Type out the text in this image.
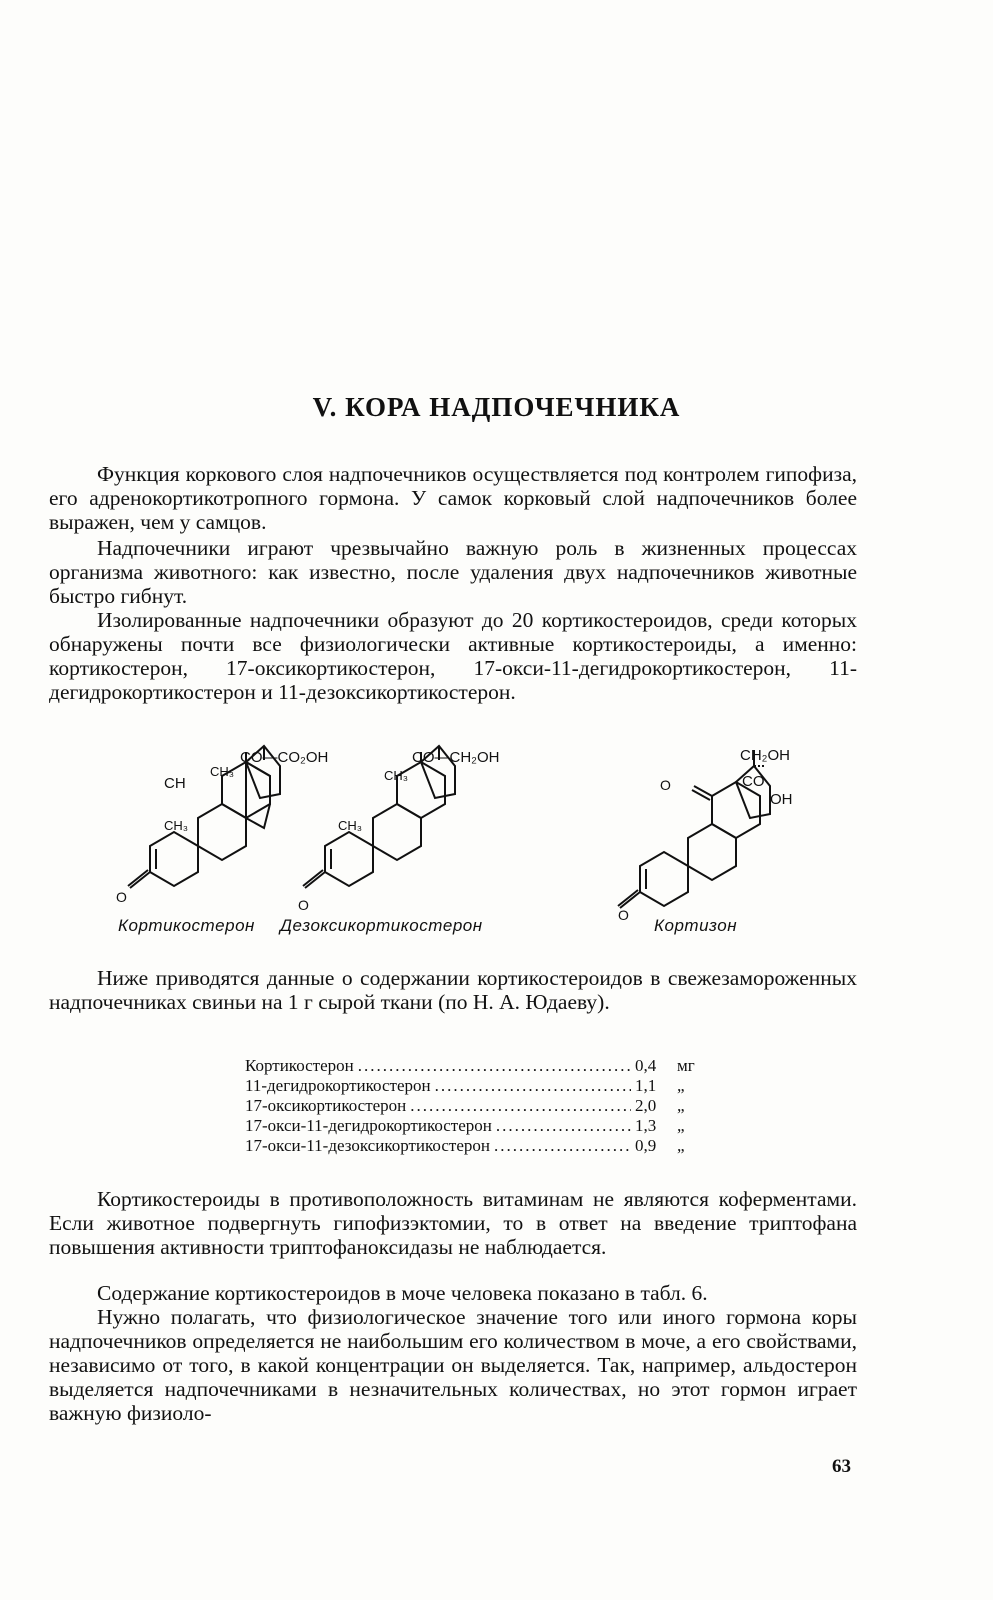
V. КОРА НАДПОЧЕЧНИКА

Функция коркового слоя надпочечников осуществляется под контролем гипофиза, его адренокортикотропного гормона. У самок корковый слой надпочечников более выражен, чем у самцов.

Надпочечники играют чрезвычайно важную роль в жизненных процессах организма животного: как известно, после удаления двух надпочечников животные быстро гибнут.

Изолированные надпочечники образуют до 20 кортикостероидов, среди которых обнаружены почти все физиологически активные кортикостероиды, а именно: кортикостерон, 17-оксикортикостерон, 17-окси-11-дегидрокортикостерон, 11-дегидрокортикостерон и 11-дезоксикортикостерон.

CO—CO₂OH
CH₃
CH
CH₃
O
CO—CH₂OH
CH₃
CH₃
O
CH₂OH
CO
OH
O
O
Кортикостерон Дезоксикортикостерон	Кортизон

Ниже приводятся данные о содержании кортикостероидов в свежезамороженных надпочечниках свиньи на 1 г сырой ткани (по Н. А. Юдаеву).

Кортикостерон .....	0,4	мг
11-дегидрокортикостерон .....	1,1	„
17-оксикортикостерон .....	2,0	„
17-окси-11-дегидрокортикостерон .....	1,3	„
17-окси-11-дезоксикортикостерон .....	0,9	„

Кортикостероиды в противоположность витаминам не являются коферментами. Если животное подвергнуть гипофизэктомии, то в ответ на введение триптофана повышения активности триптофаноксидазы не наблюдается.

Содержание кортикостероидов в моче человека показано в табл. 6.

Нужно полагать, что физиологическое значение того или иного гормона коры надпочечников определяется не наибольшим его количеством в моче, а его свойствами, независимо от того, в какой концентрации он выделяется. Так, например, альдостерон выделяется надпочечниками в незначительных количествах, но этот гормон играет важную физиоло-

63
